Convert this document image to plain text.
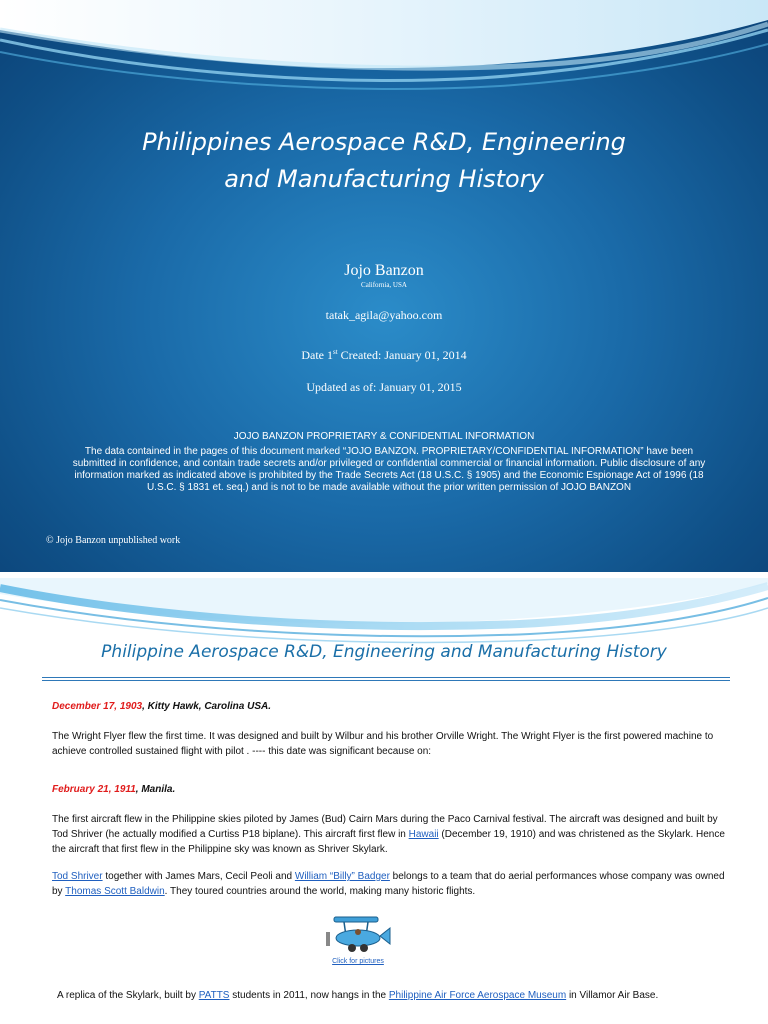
Philippines Aerospace R&D, Engineering
and Manufacturing History
Jojo Banzon
California, USA
tatak_agila@yahoo.com
Date 1st Created: January 01, 2014
Updated as of: January 01, 2015
JOJO BANZON PROPRIETARY & CONFIDENTIAL INFORMATION
The data contained in the pages of this document marked “JOJO BANZON. PROPRIETARY/CONFIDENTIAL INFORMATION” have been submitted in confidence, and contain trade secrets and/or privileged or confidential commercial or financial information. Public disclosure of any information marked as indicated above is prohibited by the Trade Secrets Act (18 U.S.C. § 1905) and the Economic Espionage Act of 1996 (18 U.S.C. § 1831 et. seq.) and is not to be made available without the prior written permission of JOJO BANZON
© Jojo Banzon unpublished work
Philippine Aerospace R&D, Engineering and Manufacturing History
December 17, 1903, Kitty Hawk, Carolina USA.
The Wright Flyer flew the first time. It was designed and built by Wilbur and his brother Orville Wright. The Wright Flyer is the first powered machine to achieve controlled sustained flight with pilot . ---- this date was significant because on:
February 21, 1911, Manila.
The first aircraft flew in the Philippine skies piloted by James (Bud) Cairn Mars during the Paco Carnival festival. The aircraft was designed and built by Tod Shriver (he actually modified a Curtiss P18 biplane). This aircraft first flew in Hawaii (December 19, 1910) and was christened as the Skylark. Hence the aircraft that first flew in the Philippine sky was known as Shriver Skylark.
Tod Shriver together with James Mars, Cecil Peoli and William “Billy” Badger belongs to a team that do aerial performances whose company was owned by Thomas Scott Baldwin. They toured countries around the world, making many historic flights.
Click for pictures
A replica of the Skylark, built by PATTS students in 2011, now hangs in the Philippine Air Force Aerospace Museum in Villamor Air Base.
